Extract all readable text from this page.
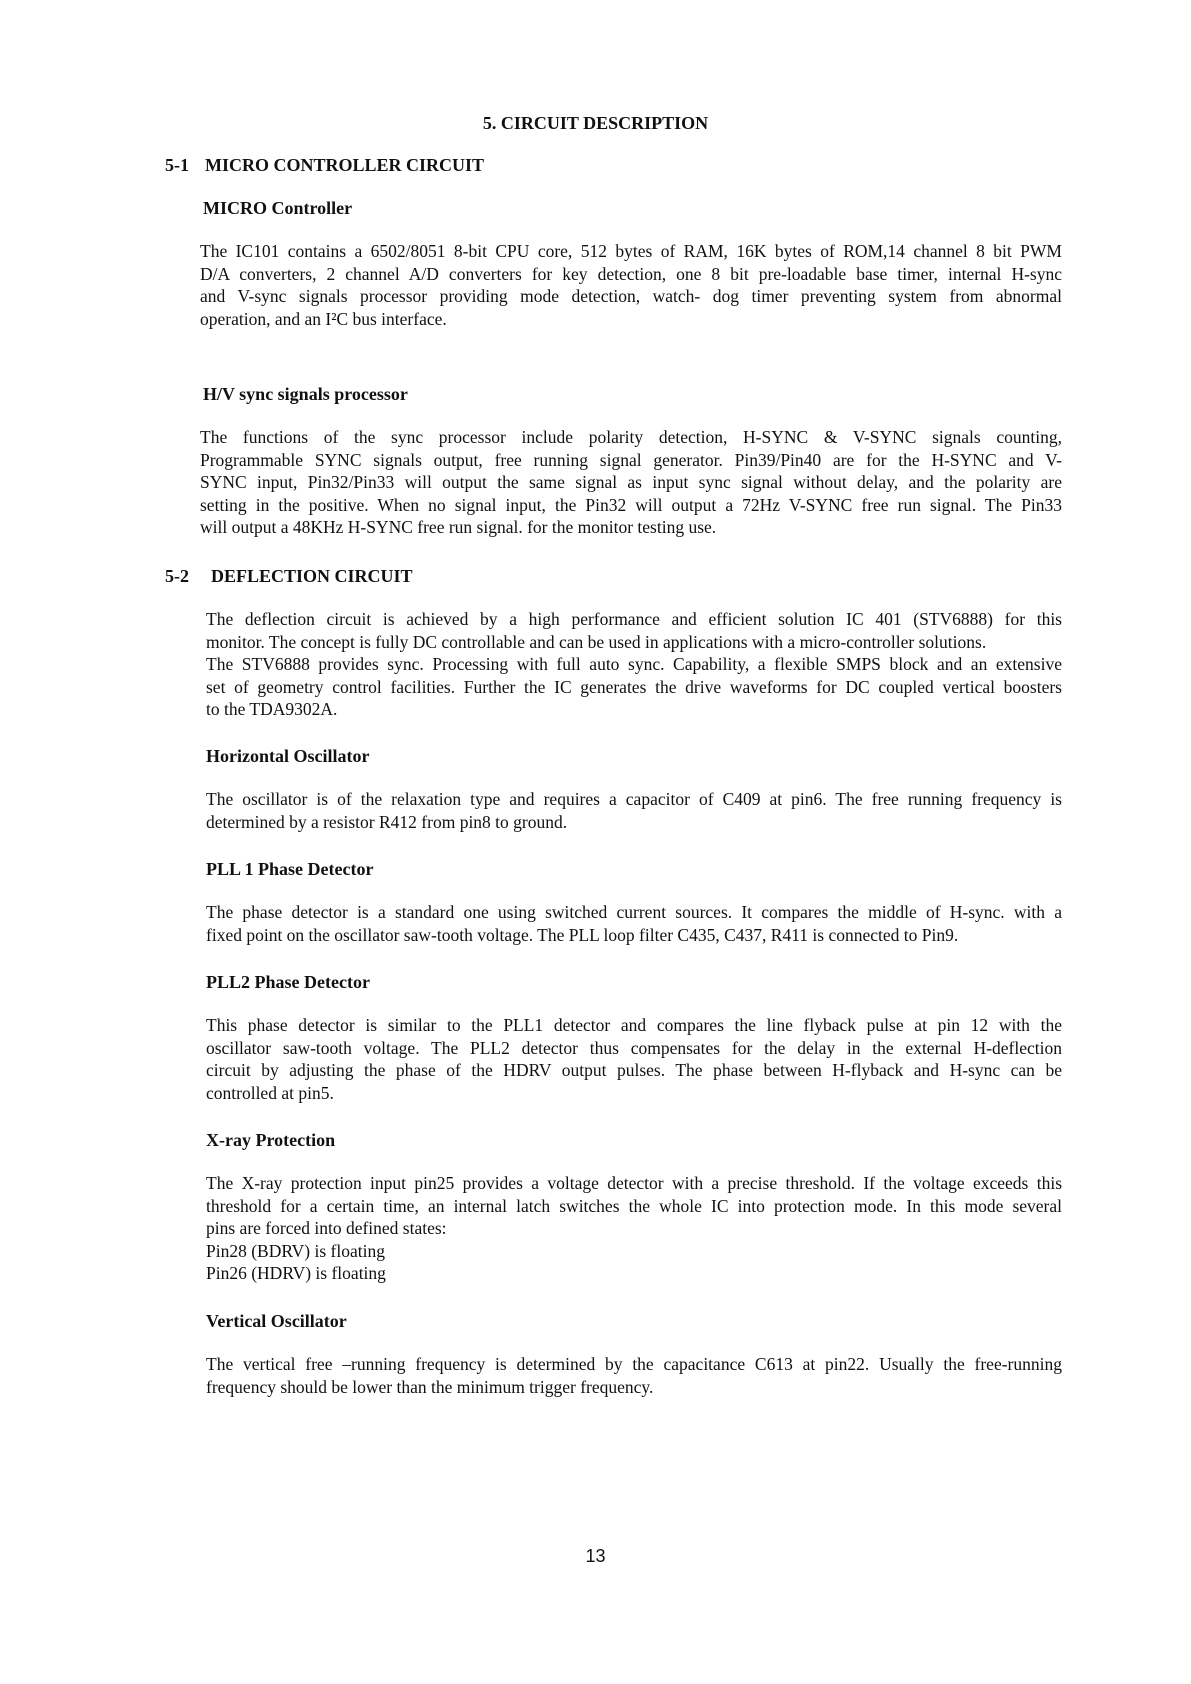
5. CIRCUIT DESCRIPTION
5-1 MICRO CONTROLLER CIRCUIT
MICRO Controller
The IC101 contains a 6502/8051 8-bit CPU core, 512 bytes of RAM, 16K bytes of ROM,14 channel 8 bit PWM
D/A converters, 2 channel A/D converters for key detection, one 8 bit pre-loadable base timer, internal H-sync
and V-sync signals processor providing mode detection, watch- dog timer preventing system from abnormal
operation, and an I²C bus interface.
H/V sync signals processor
The functions of the sync processor include polarity detection, H-SYNC & V-SYNC signals counting,
Programmable SYNC signals output, free running signal generator. Pin39/Pin40 are for the H-SYNC and V-
SYNC input, Pin32/Pin33 will output the same signal as input sync signal without delay, and the polarity are
setting in the positive. When no signal input, the Pin32 will output a 72Hz V-SYNC free run signal. The Pin33
will output a 48KHz H-SYNC free run signal. for the monitor testing use.
5-2 DEFLECTION CIRCUIT
The deflection circuit is achieved by a high performance and efficient solution IC 401 (STV6888) for this
monitor. The concept is fully DC controllable and can be used in applications with a micro-controller solutions.
The STV6888 provides sync. Processing with full auto sync. Capability, a flexible SMPS block and an extensive
set of geometry control facilities. Further the IC generates the drive waveforms for DC coupled vertical boosters
to the TDA9302A.
Horizontal Oscillator
The oscillator is of the relaxation type and requires a capacitor of C409 at pin6. The free running frequency is
determined by a resistor R412 from pin8 to ground.
PLL 1 Phase Detector
The phase detector is a standard one using switched current sources. It compares the middle of H-sync. with a
fixed point on the oscillator saw-tooth voltage. The PLL loop filter C435, C437, R411 is connected to Pin9.
PLL2 Phase Detector
This phase detector is similar to the PLL1 detector and compares the line flyback pulse at pin 12 with the
oscillator saw-tooth voltage. The PLL2 detector thus compensates for the delay in the external H-deflection
circuit by adjusting the phase of the HDRV output pulses. The phase between H-flyback and H-sync can be
controlled at pin5.
X-ray Protection
The X-ray protection input pin25 provides a voltage detector with a precise threshold. If the voltage exceeds this
threshold for a certain time, an internal latch switches the whole IC into protection mode. In this mode several
pins are forced into defined states:
Pin28 (BDRV) is floating
Pin26 (HDRV) is floating
Vertical Oscillator
The vertical free –running frequency is determined by the capacitance C613 at pin22. Usually the free-running
frequency should be lower than the minimum trigger frequency.
13
